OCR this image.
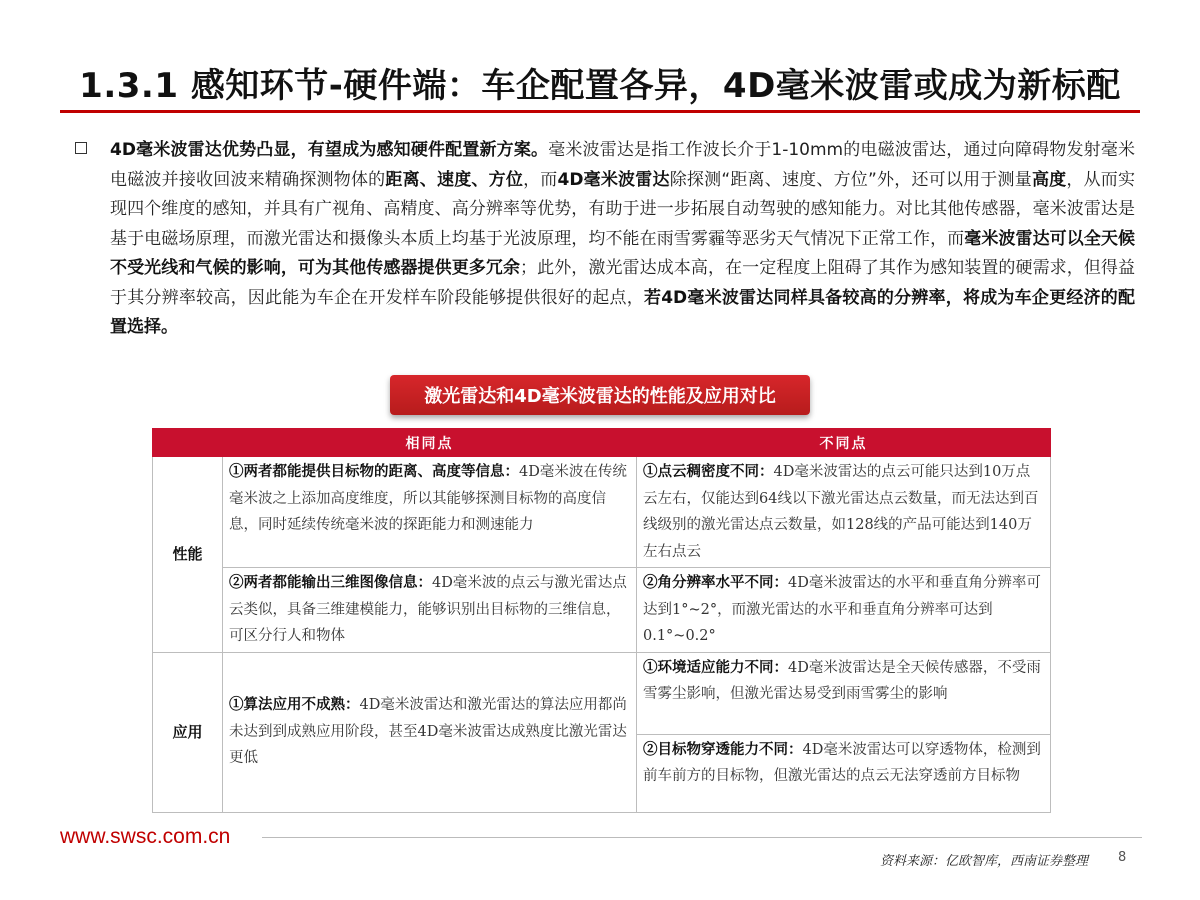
1.3.1 感知环节-硬件端：车企配置各异，4D毫米波雷或成为新标配
4D毫米波雷达优势凸显，有望成为感知硬件配置新方案。毫米波雷达是指工作波长介于1-10mm的电磁波雷达，通过向障碍物发射毫米电磁波并接收回波来精确探测物体的距离、速度、方位，而4D毫米波雷达除探测“距离、速度、方位”外，还可以用于测量高度，从而实现四个维度的感知，并具有广视角、高精度、高分辨率等优势，有助于进一步拓展自动驾驶的感知能力。对比其他传感器，毫米波雷达是基于电磁场原理，而激光雷达和摄像头本质上均基于光波原理，均不能在雨雪雾霾等恶劣天气情况下正常工作，而毫米波雷达可以全天候不受光线和气候的影响，可为其他传感器提供更多冗余；此外，激光雷达成本高，在一定程度上阻碍了其作为感知装置的硬需求，但得益于其分辨率较高，因此能为车企在开发样车阶段能够提供很好的起点，若4D毫米波雷达同样具备较高的分辨率，将成为车企更经济的配置选择。
激光雷达和4D毫米波雷达的性能及应用对比
	相同点	不同点
性能	①两者都能提供目标物的距离、高度等信息：4D毫米波在传统毫米波之上添加高度维度，所以其能够探测目标物的高度信息，同时延续传统毫米波的探距能力和测速能力	①点云稠密度不同：4D毫米波雷达的点云可能只达到10万点云左右，仅能达到64线以下激光雷达点云数量，而无法达到百线级别的激光雷达点云数量，如128线的产品可能达到140万左右点云
	②两者都能输出三维图像信息：4D毫米波的点云与激光雷达点云类似，具备三维建模能力，能够识别出目标物的三维信息，可区分行人和物体	②角分辨率水平不同：4D毫米波雷达的水平和垂直角分辨率可达到1°~2°，而激光雷达的水平和垂直角分辨率可达到0.1°~0.2°
应用	①算法应用不成熟：4D毫米波雷达和激光雷达的算法应用都尚未达到到成熟应用阶段，甚至4D毫米波雷达成熟度比激光雷达更低	①环境适应能力不同：4D毫米波雷达是全天候传感器，不受雨雪雾尘影响，但激光雷达易受到雨雪雾尘的影响
		②目标物穿透能力不同：4D毫米波雷达可以穿透物体，检测到前车前方的目标物，但激光雷达的点云无法穿透前方目标物
www.swsc.com.cn
资料来源：亿欧智库，西南证券整理 8
